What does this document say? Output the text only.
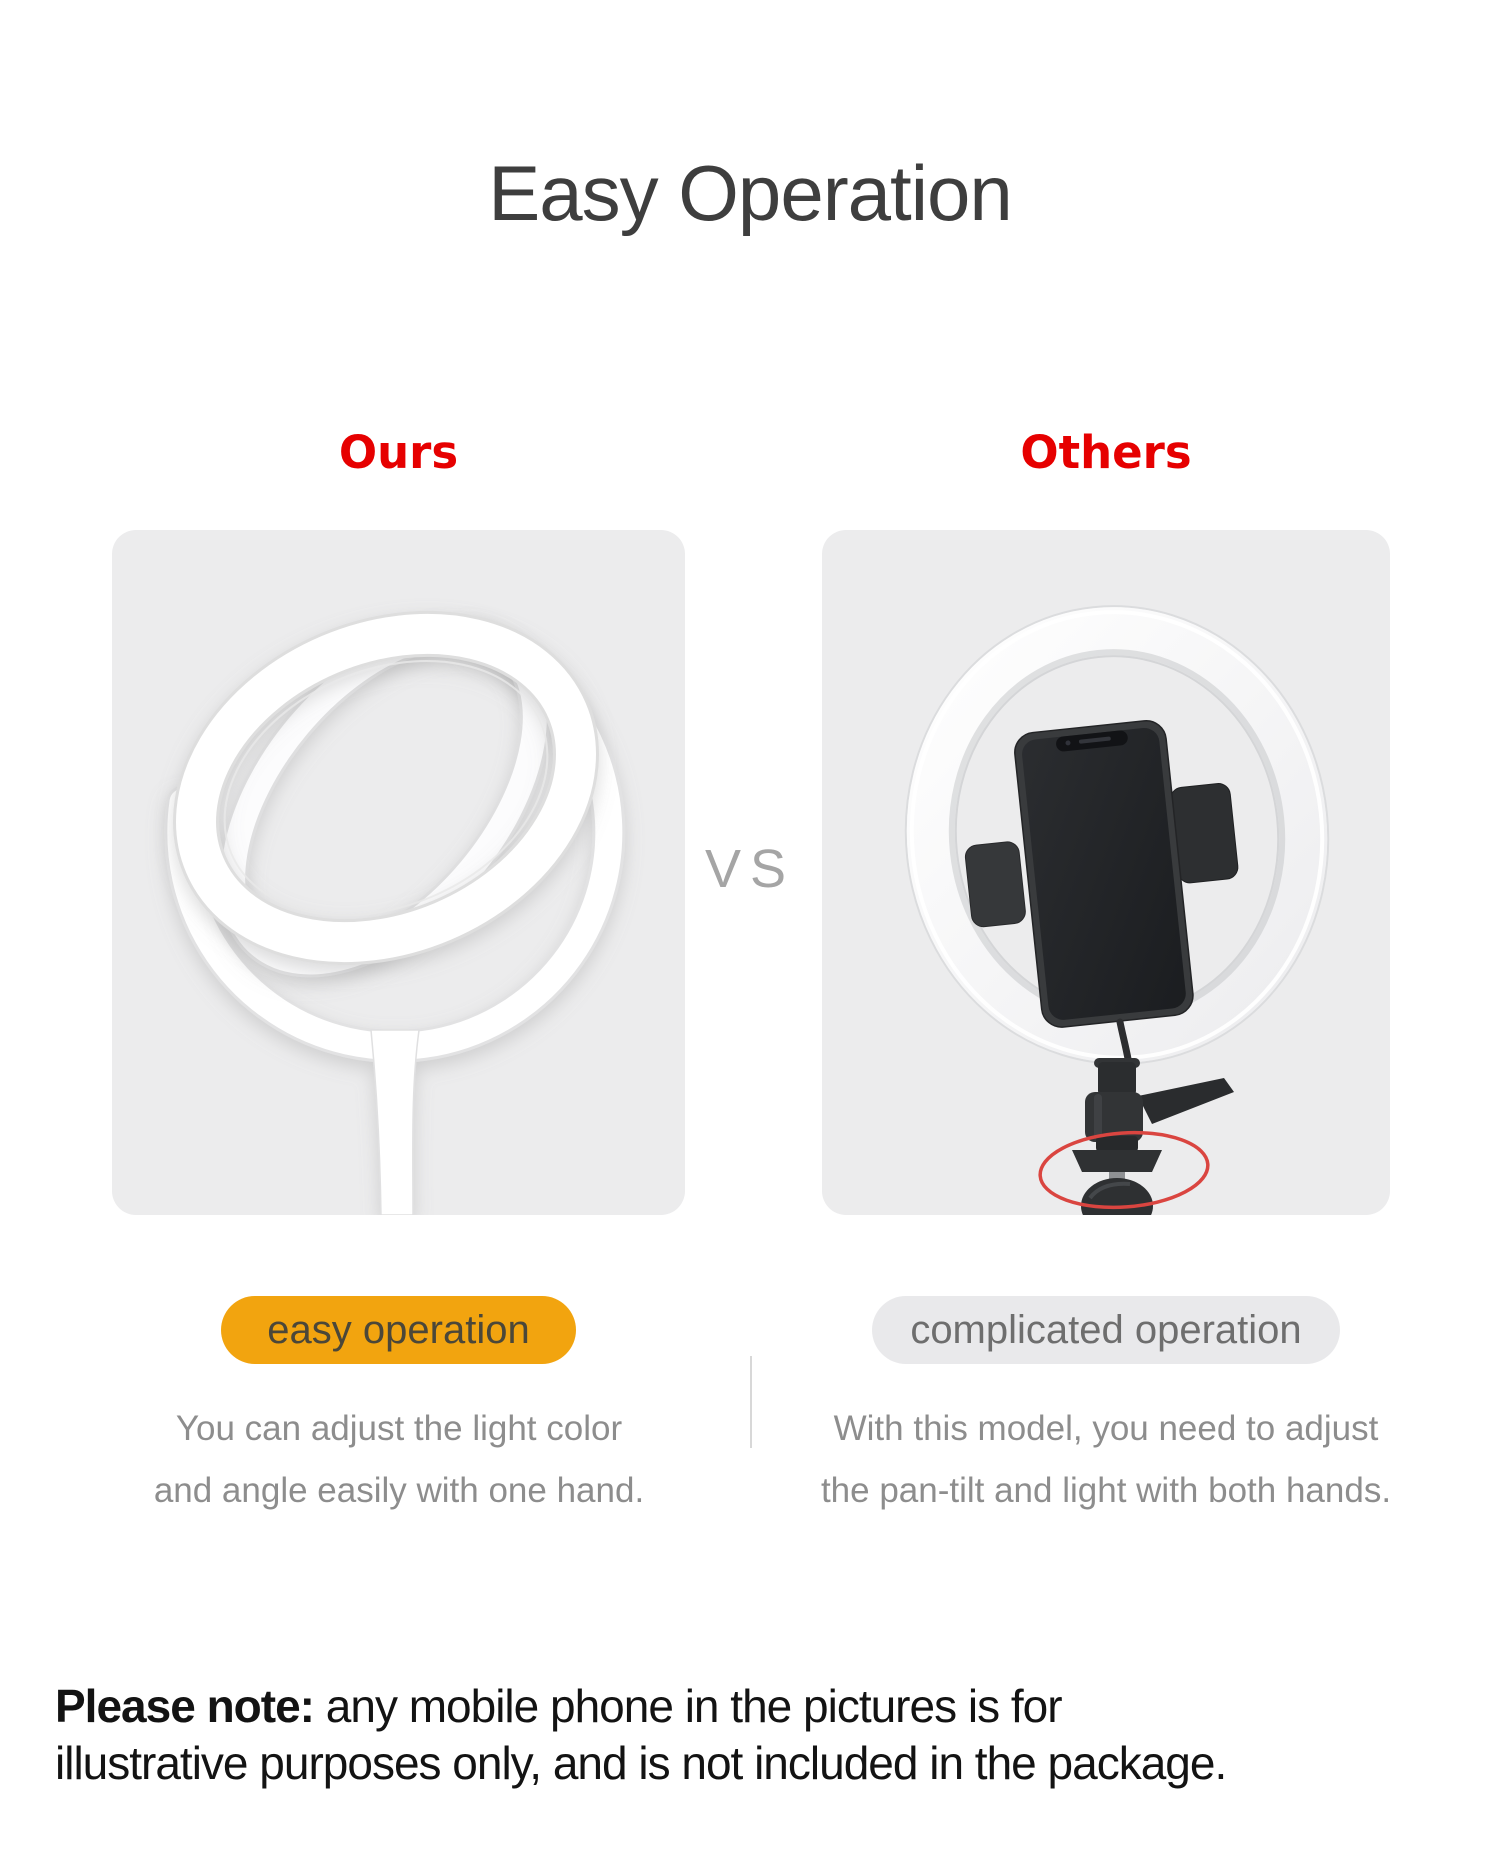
Easy Operation
Ours	Others
VS
easy operation	complicated operation
You can adjust the light color
and angle easily with one hand.
With this model, you need to adjust
the pan-tilt and light with both hands.

Please note: any mobile phone in the pictures is for
illustrative purposes only, and is not included in the package.
